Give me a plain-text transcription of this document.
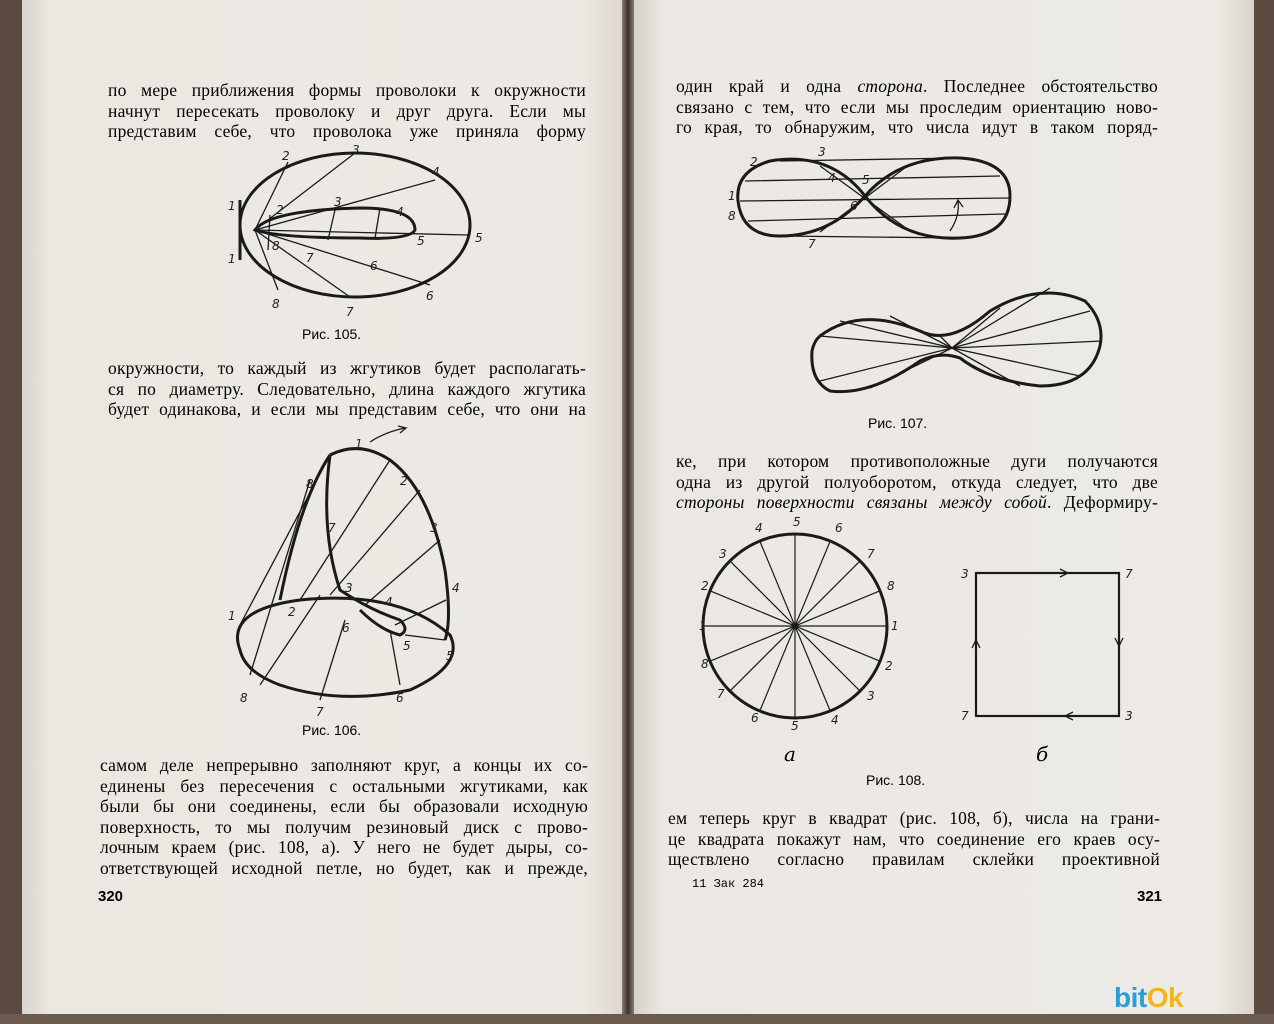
по мере приближения формы проволоки к окружности
начнут пересекать проволоку и друг друга. Если мы
представим себе, что проволока уже приняла форму
1
2	3
4
5
6
7
8
1
2
3
4
5
6
7
8
Рис. 105.
окружности, то каждый из жгутиков будет располагать-
ся по диаметру. Следовательно, длина каждого жгутика
будет одинакова, и если мы представим себе, что они на
1
2
3
4
5
6
7
8
1	2
3
4
5
6
7
8
Рис. 106.
самом деле непрерывно заполняют круг, а концы их со-
единены без пересечения с остальными жгутиками, как
были бы они соединены, если бы образовали исходную
поверхность, то мы получим резиновый диск с прово-
лочным краем (рис. 108, а). У него не будет дыры, со-
ответствующей исходной петле, но будет, как и прежде,
320
один край и одна сторона. Последнее обстоятельство
связано с тем, что если мы проследим ориентацию ново-
го края, то обнаружим, что числа идут в таком поряд-
1
2
3
4 5
6
7
8
Рис. 107.
ке, при котором противоположные дуги получаются
одна из другой полуоборотом, откуда следует, что две
стороны поверхности связаны между собой. Деформиру-
1
2
3
4	5	6
7
8
1
2
3
4
5
6
7
8
3	7
3
7
а	б
Рис. 108.
ем теперь круг в квадрат (рис. 108, б), числа на грани-
це квадрата покажут нам, что соединение его краев осу-
ществлено согласно правилам склейки проективной
11 Зак 284
321
bitOk
